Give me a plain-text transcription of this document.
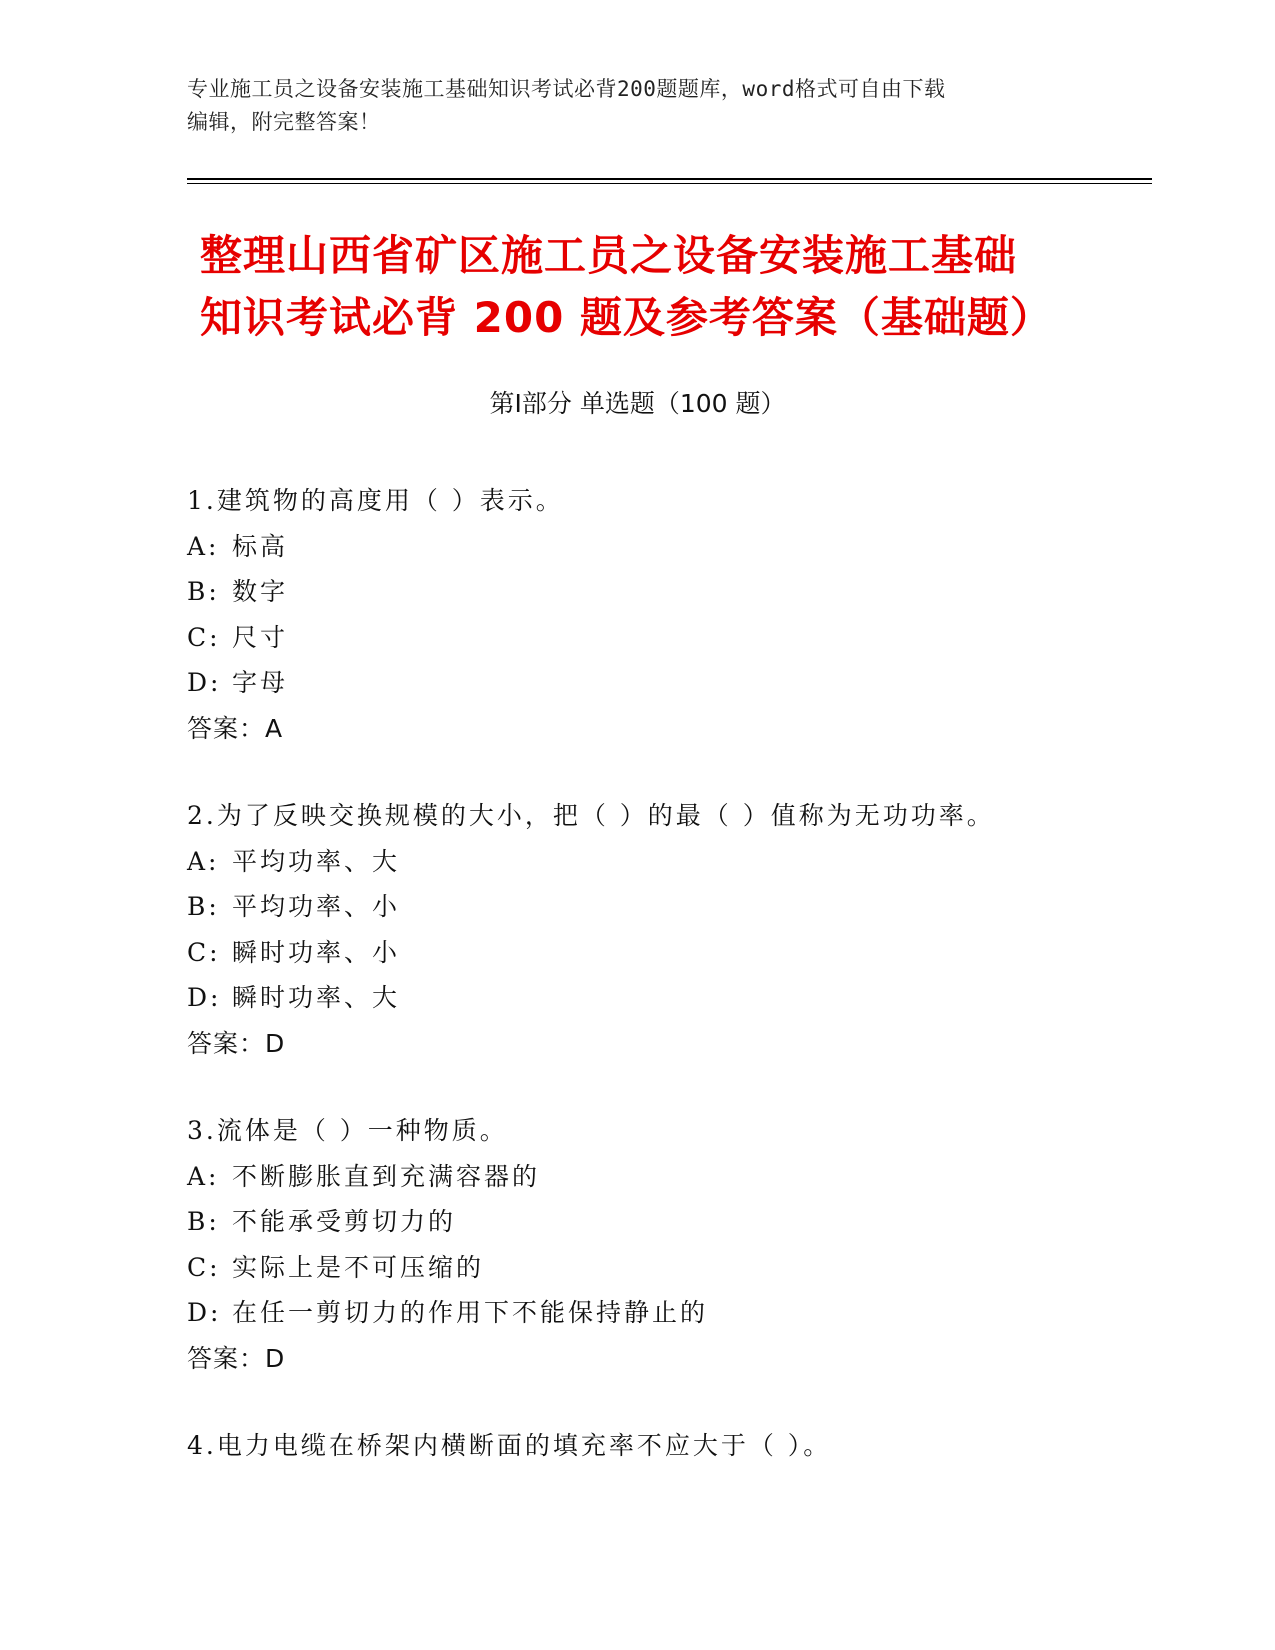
专业施工员之设备安装施工基础知识考试必背200题题库，word格式可自由下载
编辑，附完整答案！
整理山西省矿区施工员之设备安装施工基础
知识考试必背 200 题及参考答案（基础题）
第Ⅰ部分 单选题（100 题）
1.建筑物的高度用（ ）表示。
A: 标高
B: 数字
C: 尺寸
D: 字母
答案：A
2.为了反映交换规模的大小，把（ ）的最（ ）值称为无功功率。
A: 平均功率、大
B: 平均功率、小
C: 瞬时功率、小
D: 瞬时功率、大
答案：D
3.流体是（ ）一种物质。
A: 不断膨胀直到充满容器的
B: 不能承受剪切力的
C: 实际上是不可压缩的
D: 在任一剪切力的作用下不能保持静止的
答案：D
4.电力电缆在桥架内横断面的填充率不应大于（ ）。
